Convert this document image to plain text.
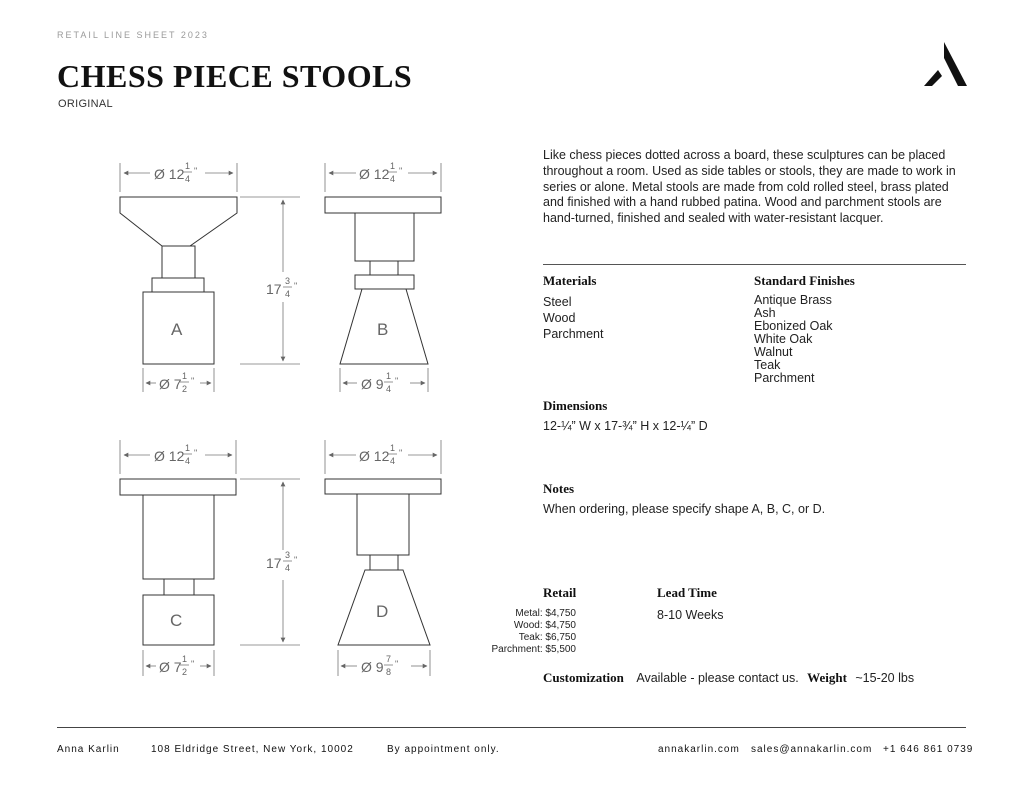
RETAIL LINE SHEET 2023
CHESS PIECE STOOLS
ORIGINAL
×
Ø 12 1
4
"	Ø 12 1
4
"
17 3
4
"
Ø 7 1
2
"	Ø 9 1
4
"
Ø 12 1
4
"	Ø 12 1
4
"
17 3
4
"
Ø 7 1
2
"	Ø 9 7
8
"
A	B
C	D
Like chess pieces dotted across a board, these sculptures can be placed throughout a room. Used as side tables or stools, they are made to work in series or alone. Metal stools are made from cold rolled steel, brass plated and finished with a hand rubbed patina. Wood and parchment stools are hand-turned, finished and sealed with water-resistant lacquer.
Materials
Steel
Wood
Parchment
Standard Finishes
Antique Brass
Ash
Ebonized Oak
White Oak
Walnut
Teak
Parchment
Dimensions
12-¼” W x 17-¾” H x 12-¼” D
Notes
When ordering, please specify shape A, B, C, or D.
Retail
Metal: $4,750
Wood: $4,750
Teak: $6,750
Parchment: $5,500
Lead Time
8-10 Weeks
Customization Available - please contact us. Weight ~15-20 lbs
Anna Karlin	108 Eldridge Street, New York, 10002	By appointment only.	annakarlin.com sales@annakarlin.com +1 646 861 0739
